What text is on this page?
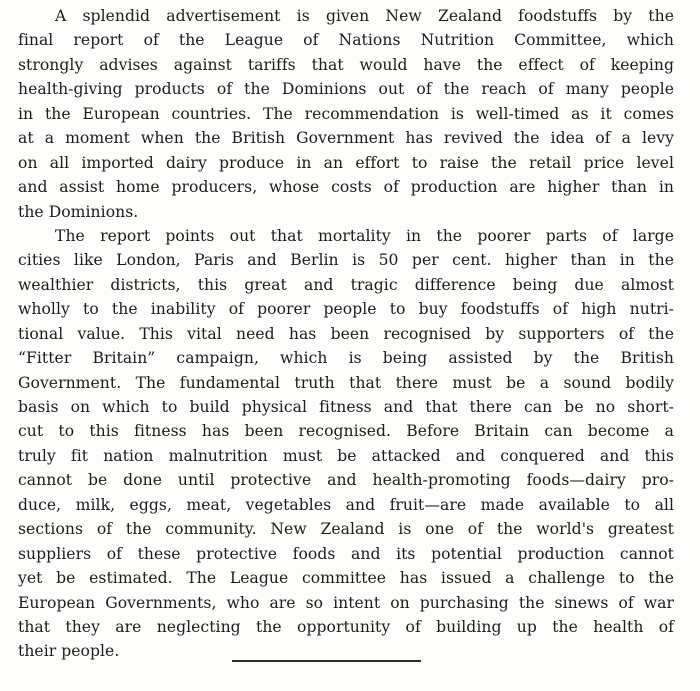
A splendid advertisement is given New Zealand foodstuffs by the
final report of the League of Nations Nutrition Committee, which
strongly advises against tariffs that would have the effect of keeping
health-giving products of the Dominions out of the reach of many people
in the European countries. The recommendation is well-timed as it comes
at a moment when the British Government has revived the idea of a levy
on all imported dairy produce in an effort to raise the retail price level
and assist home producers, whose costs of production are higher than in
the Dominions.
The report points out that mortality in the poorer parts of large
cities like London, Paris and Berlin is 50 per cent. higher than in the
wealthier districts, this great and tragic difference being due almost
wholly to the inability of poorer people to buy foodstuffs of high nutri-
tional value. This vital need has been recognised by supporters of the
“Fitter Britain” campaign, which is being assisted by the British
Government. The fundamental truth that there must be a sound bodily
basis on which to build physical fitness and that there can be no short-
cut to this fitness has been recognised. Before Britain can become a
truly fit nation malnutrition must be attacked and conquered and this
cannot be done until protective and health-promoting foods—dairy pro-
duce, milk, eggs, meat, vegetables and fruit—are made available to all
sections of the community. New Zealand is one of the world's greatest
suppliers of these protective foods and its potential production cannot
yet be estimated. The League committee has issued a challenge to the
European Governments, who are so intent on purchasing the sinews of war
that they are neglecting the opportunity of building up the health of
their people.
